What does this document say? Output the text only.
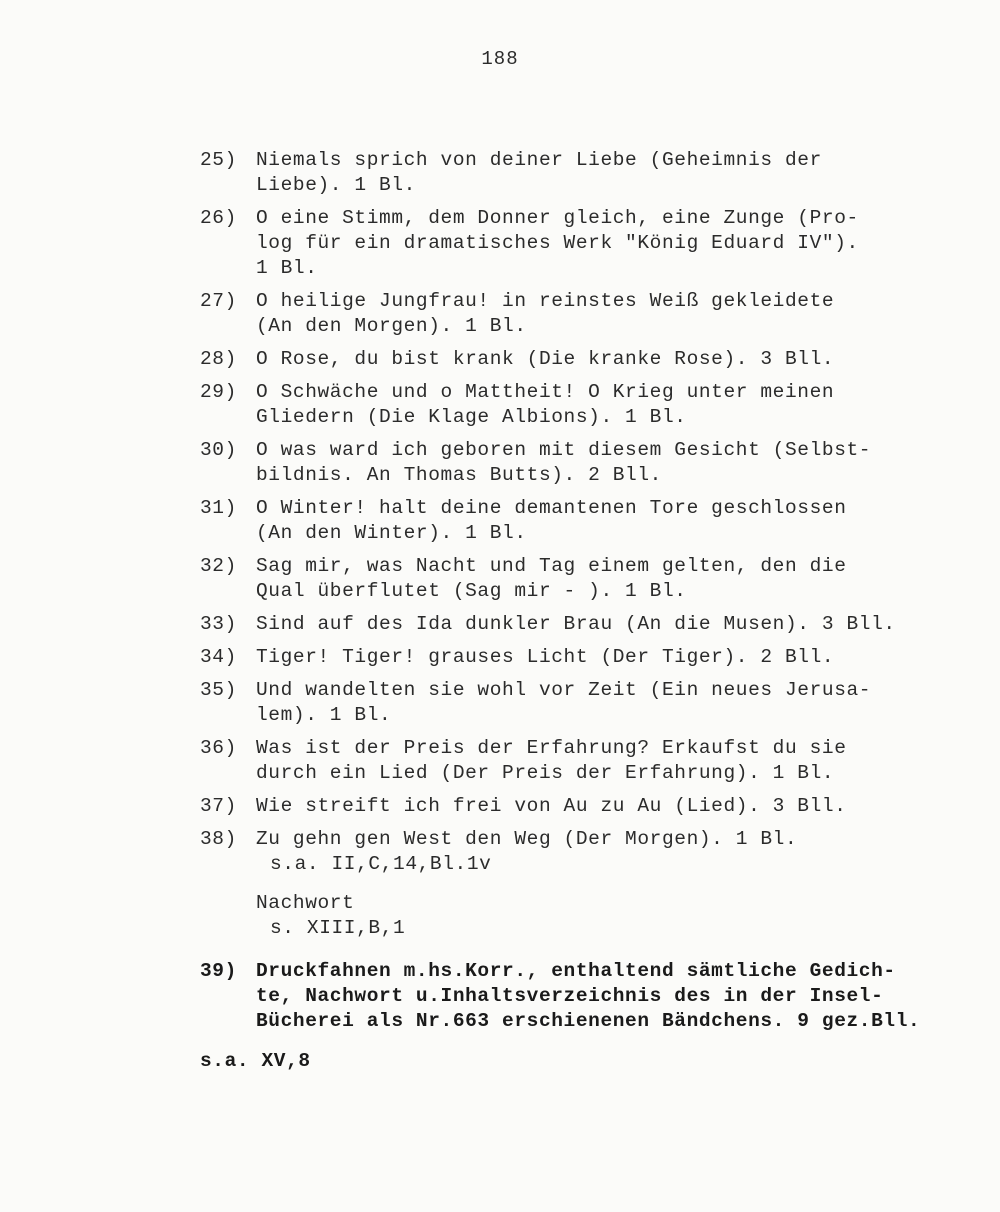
188
25) Niemals sprich von deiner Liebe (Geheimnis der
Liebe). 1 Bl.
26) O eine Stimm, dem Donner gleich, eine Zunge (Pro-
log für ein dramatisches Werk "König Eduard IV").
1 Bl.
27) O heilige Jungfrau! in reinstes Weiß gekleidete
(An den Morgen). 1 Bl.
28) O Rose, du bist krank (Die kranke Rose). 3 Bll.
29) O Schwäche und o Mattheit! O Krieg unter meinen
Gliedern (Die Klage Albions). 1 Bl.
30) O was ward ich geboren mit diesem Gesicht (Selbst-
bildnis. An Thomas Butts). 2 Bll.
31) O Winter! halt deine demantenen Tore geschlossen
(An den Winter). 1 Bl.
32) Sag mir, was Nacht und Tag einem gelten, den die
Qual überflutet (Sag mir - ). 1 Bl.
33) Sind auf des Ida dunkler Brau (An die Musen). 3 Bll.
34) Tiger! Tiger! grauses Licht (Der Tiger). 2 Bll.
35) Und wandelten sie wohl vor Zeit (Ein neues Jerusa-
lem). 1 Bl.
36) Was ist der Preis der Erfahrung? Erkaufst du sie
durch ein Lied (Der Preis der Erfahrung). 1 Bl.
37) Wie streift ich frei von Au zu Au (Lied). 3 Bll.
38) Zu gehn gen West den Weg (Der Morgen). 1 Bl.
s.a. II,C,14,Bl.1v
Nachwort
s. XIII,B,1
39) Druckfahnen m.hs.Korr., enthaltend sämtliche Gedich-
te, Nachwort u.Inhaltsverzeichnis des in der Insel-
Bücherei als Nr.663 erschienenen Bändchens. 9 gez.Bll.
s.a. XV,8
